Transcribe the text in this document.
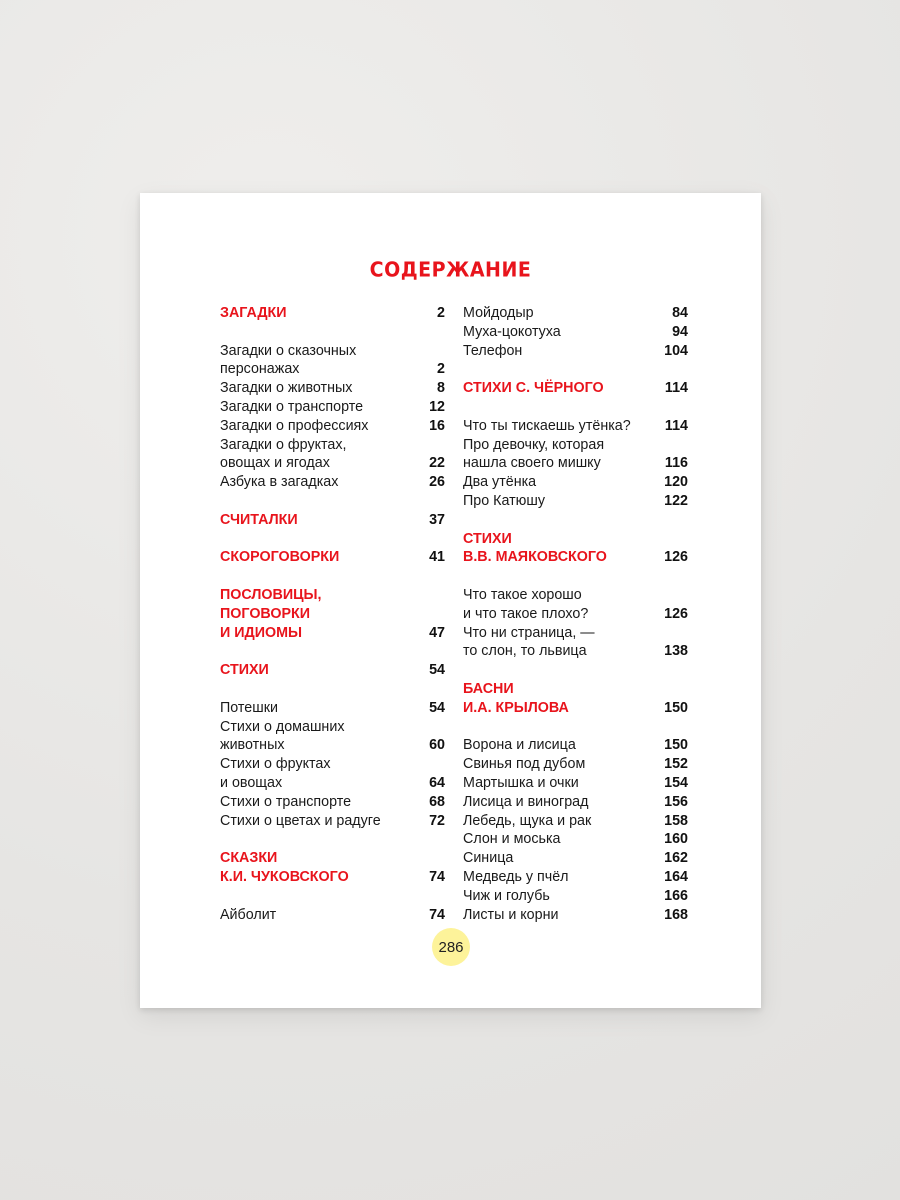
СОДЕРЖАНИЕ
ЗАГАДКИ	2
Загадки о сказочных
персонажах	2
Загадки о животных	8
Загадки о транспорте	12
Загадки о профессиях	16
Загадки о фруктах,
овощах и ягодах	22
Азбука в загадках	26
СЧИТАЛКИ	37
СКОРОГОВОРКИ	41
ПОСЛОВИЦЫ,
ПОГОВОРКИ
И ИДИОМЫ	47
СТИХИ	54
Потешки	54
Стихи о домашних
животных	60
Стихи о фруктах
и овощах	64
Стихи о транспорте	68
Стихи о цветах и радуге	72
СКАЗКИ
К.И. ЧУКОВСКОГО	74
Айболит	74
Мойдодыр	84
Муха-цокотуха	94
Телефон	104
СТИХИ С. ЧЁРНОГО	114
Что ты тискаешь утёнка?	114
Про девочку, которая
нашла своего мишку	116
Два утёнка	120
Про Катюшу	122
СТИХИ
В.В. МАЯКОВСКОГО	126
Что такое хорошо
и что такое плохо?	126
Что ни страница, —
то слон, то львица	138
БАСНИ
И.А. КРЫЛОВА	150
Ворона и лисица	150
Свинья под дубом	152
Мартышка и очки	154
Лисица и виноград	156
Лебедь, щука и рак	158
Слон и моська	160
Синица	162
Медведь у пчёл	164
Чиж и голубь	166
Листы и корни	168
286
